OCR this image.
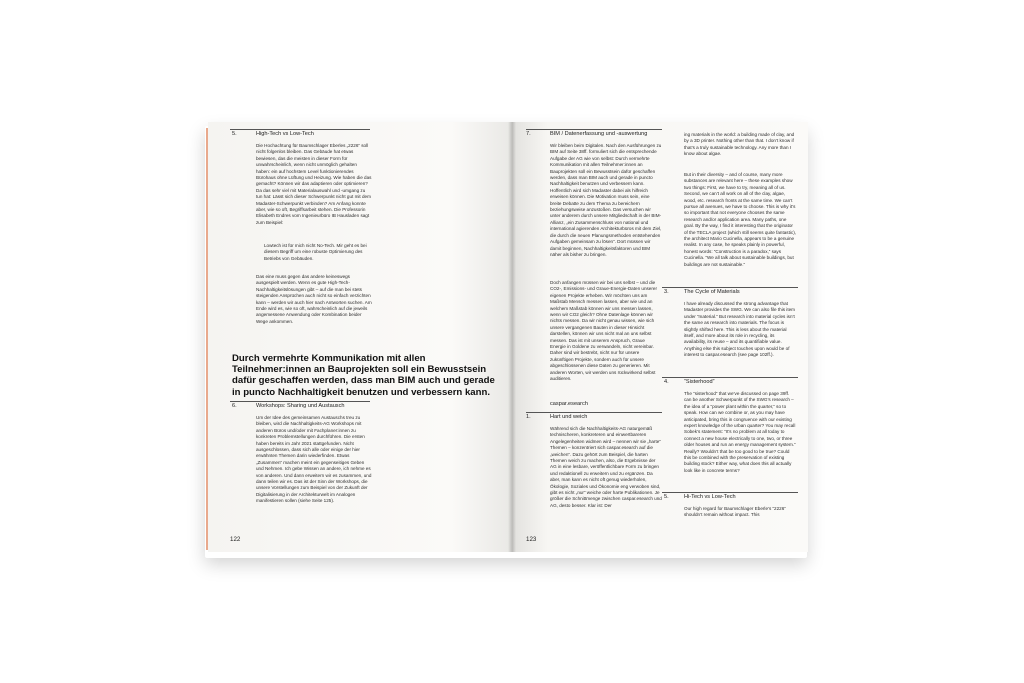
5.	High-Tech vs Low-Tech
Die Hochachtung für Baumschlager Eberles „2226“ soll nicht folgenlos bleiben. Das Gebäude hat etwas bewiesen, das die meisten in dieser Form für unwahrscheinlich, wenn nicht unmöglich gehalten haben: ein auf hochstem Level funktionierendes Bürohaus ohne Lüftung und Heizung. Wie haben die das gemacht? Können wir das adaptieren oder optimieren? Da das sehr viel mit Materialauswahl und -umgang zu tun hat: Lässt sich dieser Schwerpunkt nicht gut mit dem Madaster-Schwerpunkt verbinden? Am Anfang konnte aber, wie so oft, Begriffsarbeit stehen. Die Professorin Elisabeth Endres vom Ingenieurbüro IB Hausladen sagt zum Beispiel:
Lowtech ist für mich nicht No-Tech. Mir geht es bei diesem Begriff um eine robuste Optimierung des Betriebs von Gebäuden.
Das eine muss gegen das andere keineswegs ausgespielt werden. Wenn es gute High-Tech-Nachhaltigkeitslösungen gibt – auf die man bei stets steigenden Ansprüchen auch nicht so einfach verzichten kann – werden wir auch hier nach Antworten suchen. Am Ende wird es, wie so oft, wahrscheinlich auf die jeweils angemessene Anwendung oder Kombination beider Wege ankommen.
Durch vermehrte Kommunikation mit allen Teilnehmer:innen an Bauprojekten soll ein Bewusstsein dafür geschaffen werden, dass man BIM auch und gerade in puncto Nachhaltigkeit benutzen und verbessern kann.
6.	Workshops: Sharing und Austausch
Um der Idee des gemeinsamen Austauschs treu zu bleiben, wird die Nachhaltigkeits-AG Workshops mit anderen Büros und/oder mit Fachplaner:innen zu konkreten Problemstellungen durchführen. Die ersten haben bereits im Jahr 2021 stattgefunden. Nicht ausgeschlossen, dass sich alle oder einige der hier erwähnten Themen darin wiederfinden. Etwas „Zusammen“ machen meint ein gegenseitiges Geben und Nehmen. Ich gebe Wissen an andere, ich nehme es von anderen. Und dann erweitern wir es zusammen, und dann teilen wir es. Das ist der Sinn der Workshops, die unsere Vorstellungen zum Beispiel von der Zukunft der Digitalisierung in der Architekturwelt im Analogen manifestieren sollen (siehe Seite 125).
122
7.	BIM / Datenerfassung und -auswertung
Wir bleiben beim Digitalen. Nach den Ausführungen zu BIM auf Seite 38ff. formuliert sich die entsprechende Aufgabe der AG wie von selbst: Durch vermehrte Kommunikation mit allen Teilnehmer:innen an Bauprojekten soll ein Bewusstsein dafür geschaffen werden, dass man BIM auch und gerade in puncto Nachhaltigkeit benutzen und verbessern kann. Hoffentlich wird sich Madaster dabei als hilfreich erweisen können. Die Motivation muss sein, eine breite Debatte zu dem Thema zu bereichern beziehungsweise anzustoßen. Das versuchen wir unter anderem durch unsere Mitgliedschaft in der BIM-Allianz, „ein Zusammenschluss von national und international agierenden Architekturbüros mit dem Ziel, die durch die neuen Planungsmethoden entstehenden Aufgaben gemeinsam zu lösen“. Dort müssen wir damit beginnen, Nachhaltigkeitsfaktoren und BIM näher als bisher zu bringen.
Doch anfangen müssen wir bei uns selbst – und die CO2-, Emissions- und Graue-Energie-Daten unserer eigenen Projekte erheben. Wir möchten uns am Maßstab Mensch messen lassen, aber wie und an welchem Maßstab können wir uns messen lassen, wenn wir CO2 gleich? Ohne Datenlage können wir nichts messen. Da wir nicht genau wissen, wie sich unsere vergangenen Bauten in dieser Hinsicht darstellen, können wir uns nicht mal an uns selbst messen. Das ist mit unserem Anspruch, Graue Energie in Goldene zu verwandeln, nicht vereinbar. Daher sind wir bestrebt, nicht nur für unsere zukünftigen Projekte, sondern auch für unsere abgeschlossenen diese Daten zu generieren. Mit anderen Worten, wir werden uns rückwirkend selbst auditieren.
caspar.esearch
1.	Hart und weich
Während sich die Nachhaltigkeits-AG naturgemäß technischeren, konkreteren und einwertbareren Angelegenheiten widmen wird – nennen wir sie „harte“ Themen – konzentriert sich caspar.esearch auf die „weichen“. Dazu gehört zum Beispiel, die harten Themen weich zu machen, also, die Ergebnisse der AG in eine lesbare, veröffentlichbare Form zu bringen und redaktionell zu erweitern und zu ergänzen. Da aber, man kann es nicht oft genug wiederholen, Ökologie, Soziales und Ökonomie eng verwoben sind, gibt es nicht „nur“ weiche oder harte Publikationen. Je größer die Schnittmenge zwischen caspar.esearch und AG, desto besser. Klar ist: Der
123
ing materials in the world: a building made of clay, and by a 3D printer. Nothing other than that. I don’t know if that’s a truly sustainable technology. Any more than I know about algae.
But in their diversity – and of course, many more substances are relevant here – these examples show two things: First, we have to try, meaning all of us. Second, we can’t all work on all of the clay, algae, wood, etc. research fronts at the same time. We can’t pursue all avenues, we have to choose. This is why it’s so important that not everyone chooses the same research and/or application area. Many paths, one goal. By the way, I find it interesting that the originator of the TECLA project (which still seems quite fantastic), the architect Mario Cucinella, appears to be a genuine realist. In any case, he speaks plainly in powerful, honest words: “Construction is a paradox,” says Cucinella. “We all talk about sustainable buildings, but buildings are not sustainable.”
3.	The Cycle of Materials
I have already discussed the strong advantage that Madaster provides the SWG. We can also file this item under “material.” But research into material cycles isn’t the same as research into materials. The focus is slightly shifted here. This is less about the material itself, and more about its role in recycling, its availability, its reuse – and its quantifiable value. Anything else this subject touches upon would be of interest to caspar.esearch (see page 102ff.).
4.	“Sisterhood”
The “sisterhood” that we’ve discussed on page 39ff. can be another Schwerpunkt of the SWG’s research – the idea of a “power plant within the quarter,” so to speak. How can we combine or, as you may have anticipated, bring this in congruence with our existing expert knowledge of the urban quarter? You may recall Sobek’s statement: “It’s no problem at all today to connect a new house electrically to one, two, or three older houses and run an energy management system.” Really? Wouldn’t that be too good to be true? Could this be combined with the preservation of existing building stock? Either way, what does this all actually look like in concrete terms?
5.	Hi-Tech vs Low-Tech
Our high regard for Baumschlager Eberle’s “2226” shouldn’t remain without impact. This
